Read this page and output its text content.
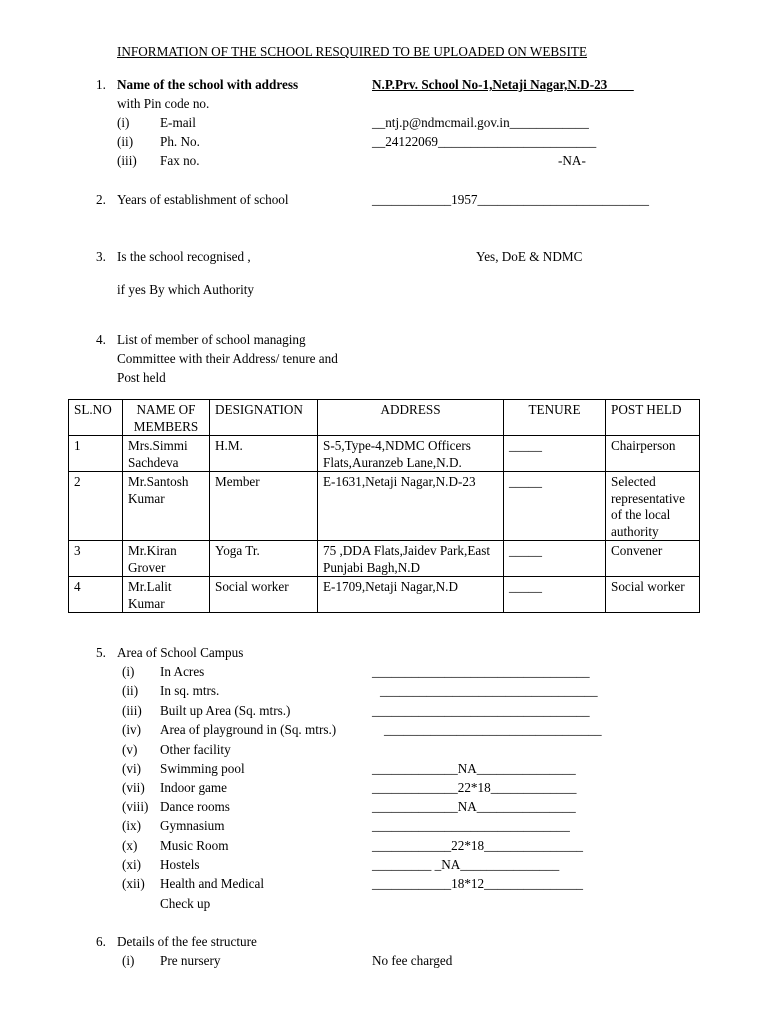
INFORMATION OF THE SCHOOL RESQUIRED TO BE UPLOADED ON WEBSITE
1. Name of the school with address	N.P.Prv. School No-1,Netaji Nagar,N.D-23____
with Pin code no.
(i) E-mail	__ntj.p@ndmcmail.gov.in____________
(ii) Ph. No.	__24122069________________________
(iii) Fax no.	-NA-
2. Years of establishment of school	____________1957__________________________
3. Is the school recognised ,	Yes, DoE & NDMC
if yes By which Authority
4. List of member of school managing
Committee with their Address/ tenure and
Post held
SL.NO	NAME OF MEMBERS	DESIGNATION	ADDRESS	TENURE	POST HELD
1	Mrs.Simmi Sachdeva	H.M.	S-5,Type-4,NDMC Officers Flats,Auranzeb Lane,N.D.	_____	Chairperson
2	Mr.Santosh Kumar	Member	E-1631,Netaji Nagar,N.D-23	_____	Selected representative of the local authority
3	Mr.Kiran Grover	Yoga Tr.	75 ,DDA Flats,Jaidev Park,East Punjabi Bagh,N.D	_____	Convener
4	Mr.Lalit Kumar	Social worker	E-1709,Netaji Nagar,N.D	_____	Social worker
5. Area of School Campus
(i) In Acres	_________________________________
(ii) In sq. mtrs.	_________________________________
(iii) Built up Area (Sq. mtrs.)	_________________________________
(iv) Area of playground in (Sq. mtrs.)	_________________________________
(v) Other facility
(vi) Swimming pool	_____________NA_______________
(vii) Indoor game	_____________22*18_____________
(viii) Dance rooms	_____________NA_______________
(ix) Gymnasium	______________________________
(x) Music Room	____________22*18_______________
(xi) Hostels	_________ _NA_______________
(xii) Health and Medical	____________18*12_______________
Check up
6. Details of the fee structure
(i) Pre nursery	No fee charged
